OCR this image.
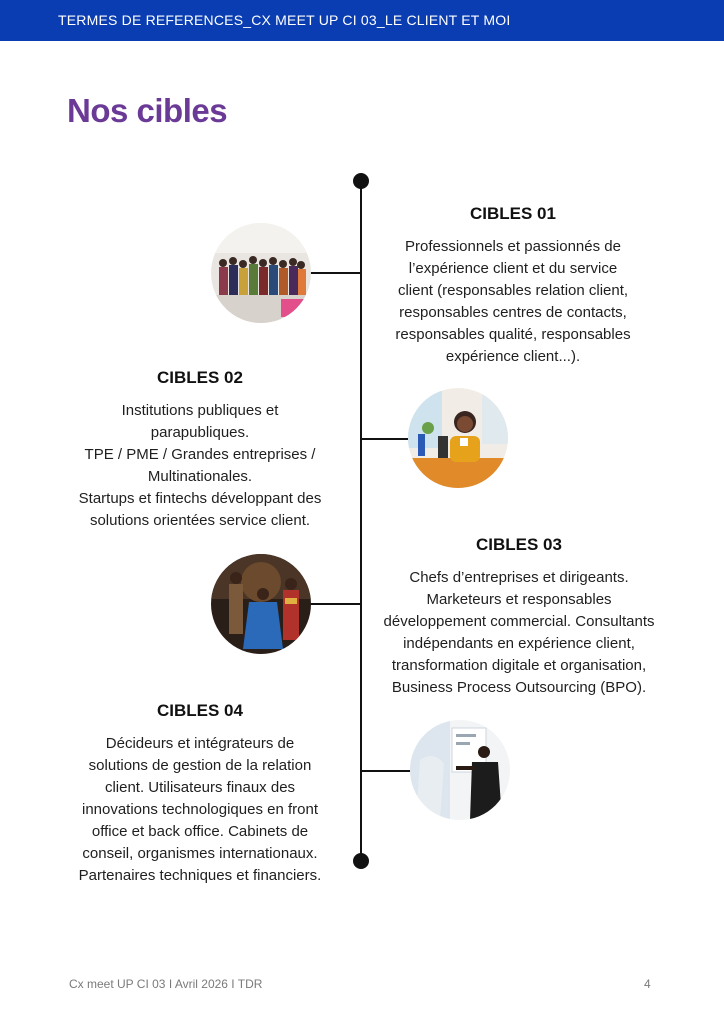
TERMES DE REFERENCES_CX MEET UP CI 03_LE CLIENT ET MOI
Nos cibles
CIBLES 01

Professionnels et passionnés de
l’expérience client et du service
client (responsables relation client,
responsables centres de contacts,
responsables qualité, responsables
expérience client...).

CIBLES 02

Institutions publiques et
parapubliques.
TPE / PME / Grandes entreprises /
Multinationales.
Startups et fintechs développant des
solutions orientées service client.

CIBLES 03

Chefs d’entreprises et dirigeants.
Marketeurs et responsables
développement commercial. Consultants
indépendants en expérience client,
transformation digitale et organisation,
Business Process Outsourcing (BPO).

CIBLES 04

Décideurs et intégrateurs de
solutions de gestion de la relation
client. Utilisateurs finaux des
innovations technologiques en front
office et back office. Cabinets de
conseil, organismes internationaux.
Partenaires techniques et financiers.

Cx meet UP CI 03 I Avril 2026 I TDR	4
